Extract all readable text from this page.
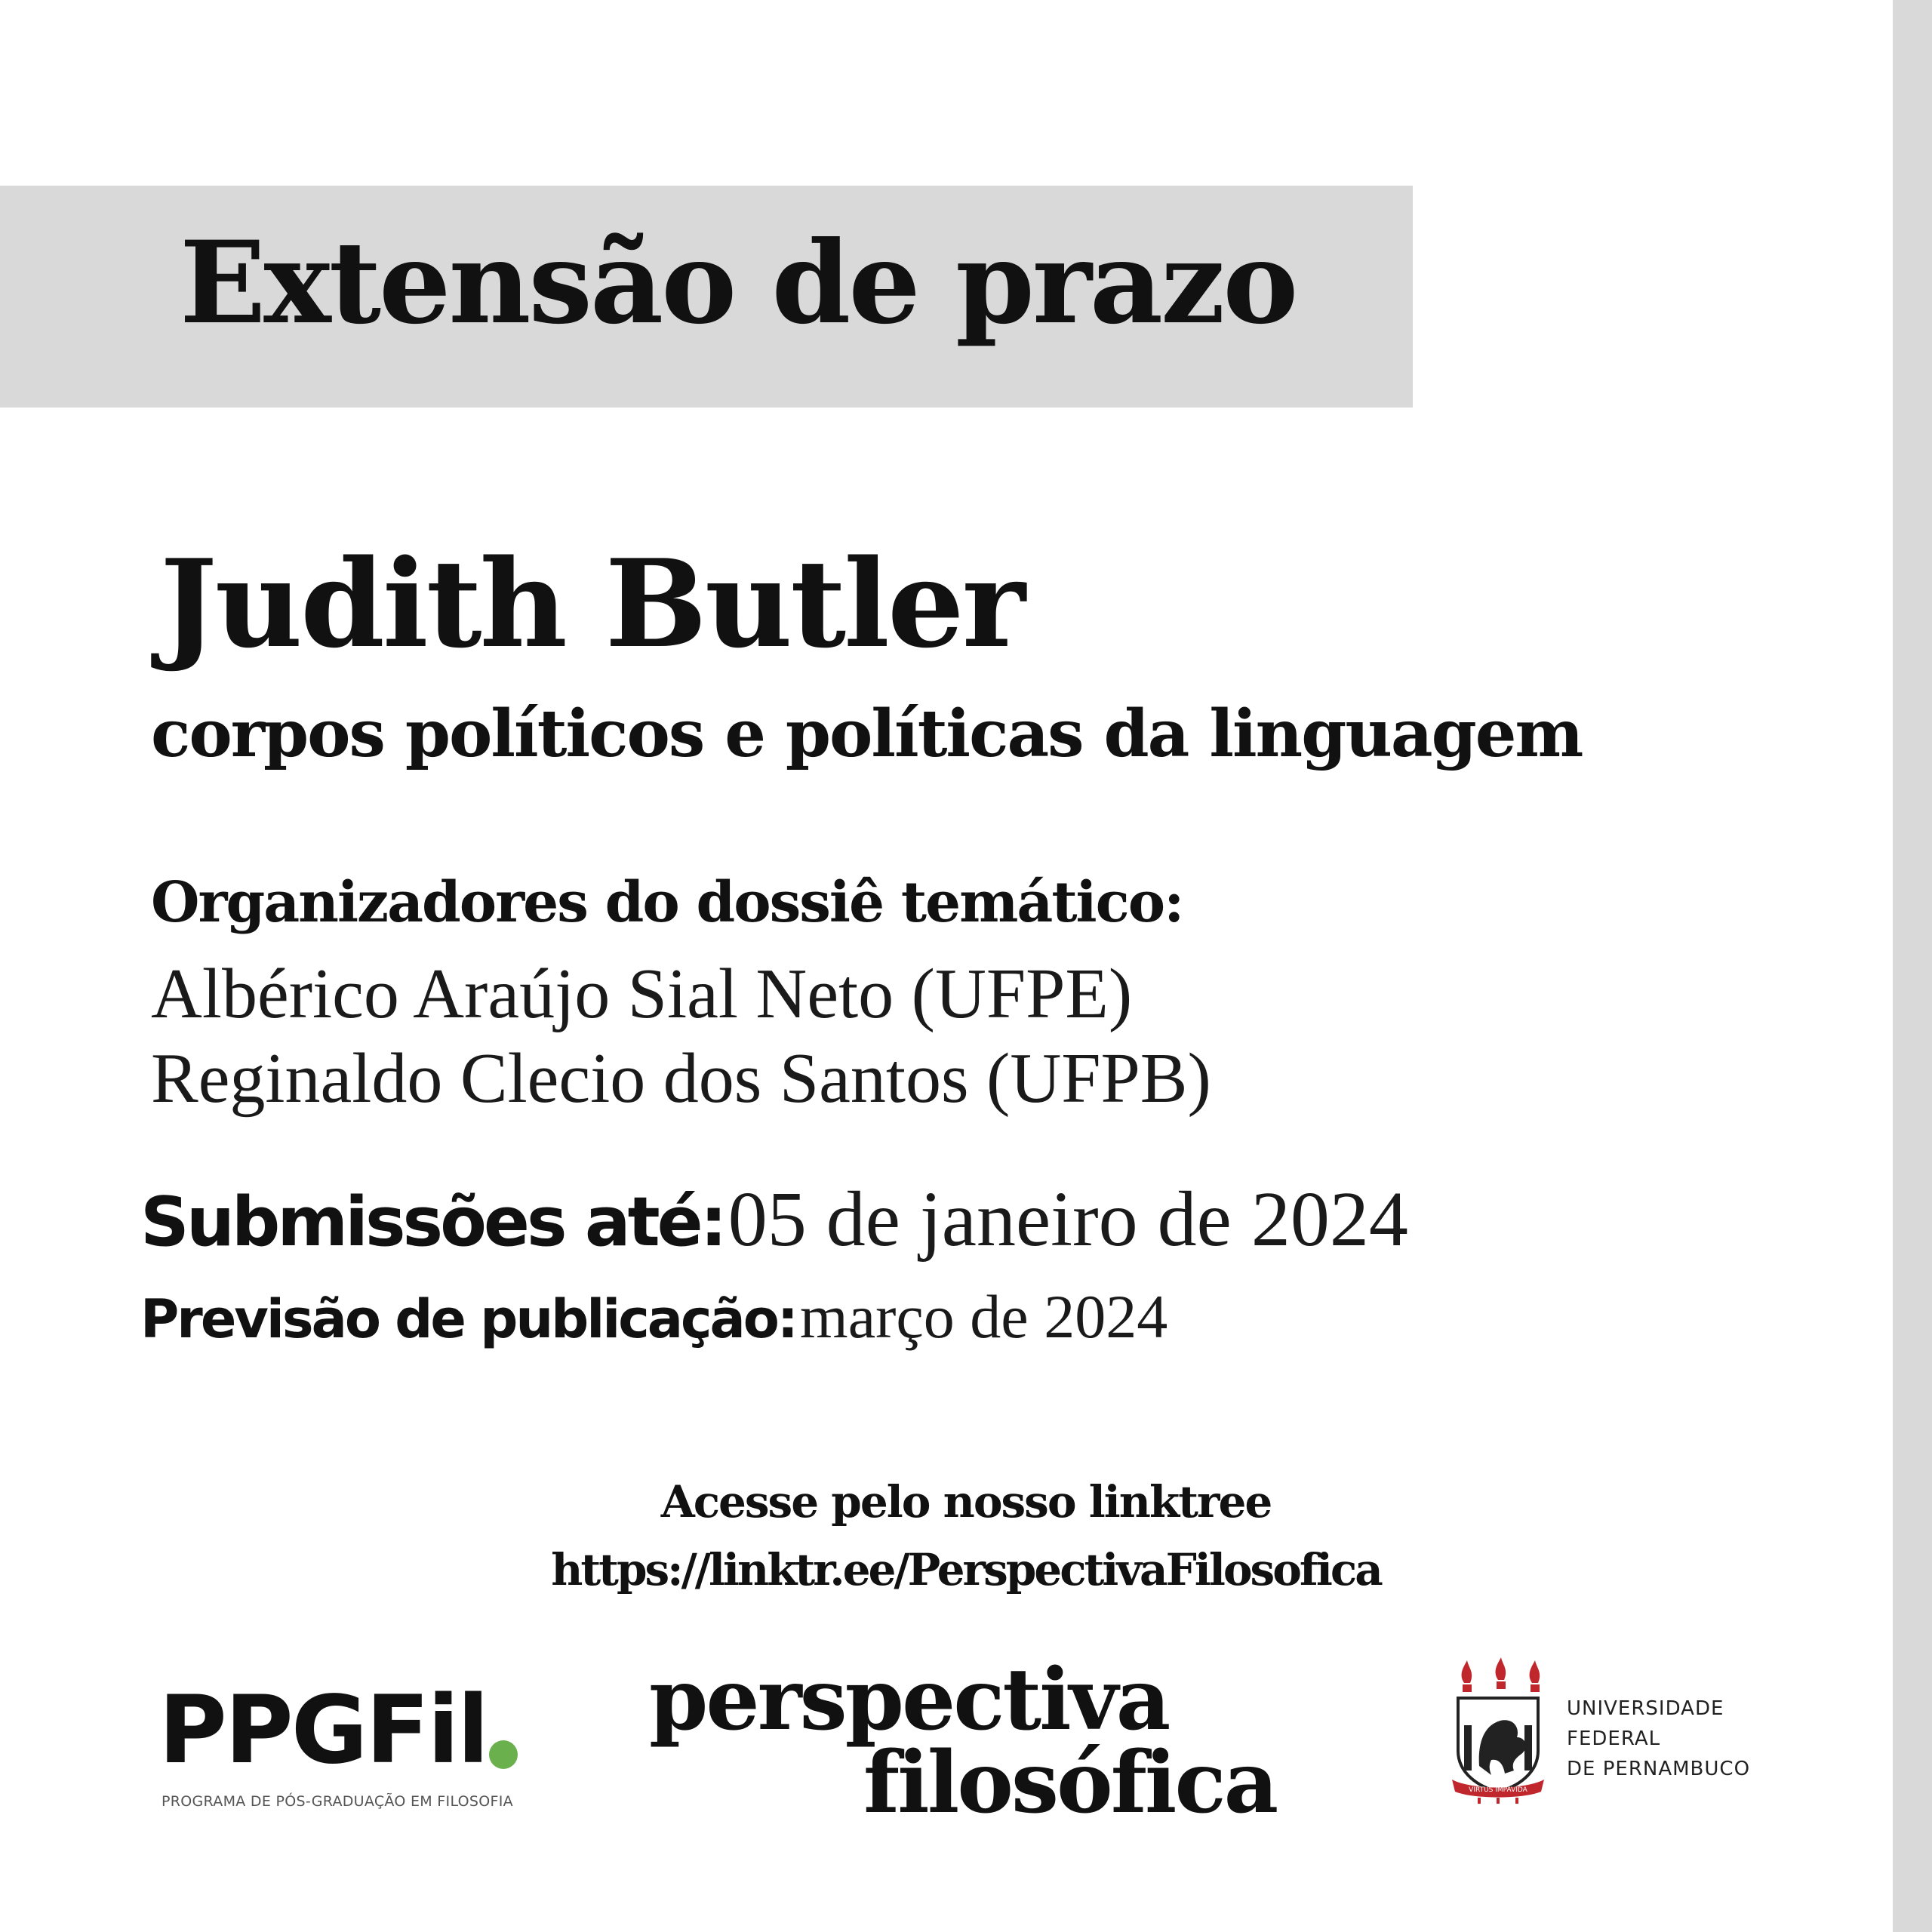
Extensão de prazo
Judith Butler
corpos políticos e políticas da linguagem
Organizadores do dossiê temático:
Albérico Araújo Sial Neto (UFPE)
Reginaldo Clecio dos Santos (UFPB)
Submissões até: 05 de janeiro de 2024
Previsão de publicação: março de 2024
Acesse pelo nosso linktree
https://linktr.ee/PerspectivaFilosofica
PPGFil
PROGRAMA DE PÓS-GRADUAÇÃO EM FILOSOFIA
perspectiva
filosófica	VIRTUS IMPAVIDA
UNIVERSIDADE
FEDERAL
DE PERNAMBUCO
